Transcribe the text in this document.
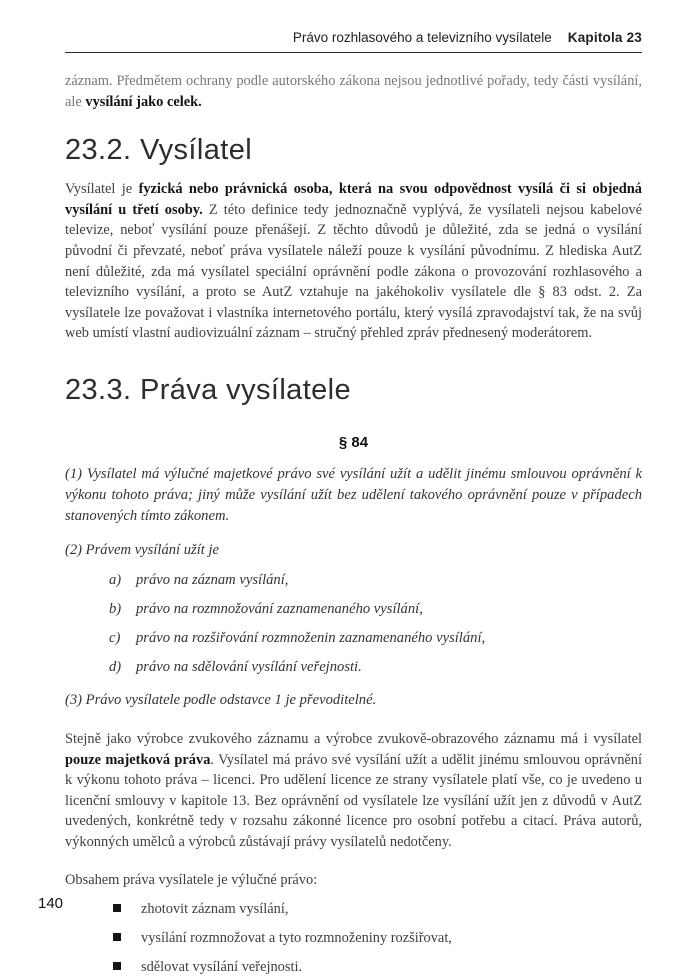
Právo rozhlasového a televizního vysílatele Kapitola 23

záznam. Předmětem ochrany podle autorského zákona nejsou jednotlivé pořady, tedy části vysílání, ale vysílání jako celek.

23.2. Vysílatel

Vysílatel je fyzická nebo právnická osoba, která na svou odpovědnost vysílá či si objedná vysílání u třetí osoby. Z této definice tedy jednoznačně vyplývá, že vysílateli nejsou kabelové televize, neboť vysílání pouze přenášejí. Z těchto důvodů je důležité, zda se jedná o vysílání původní či převzaté, neboť práva vysílatele náleží pouze k vysílání původnímu. Z hlediska AutZ není důležité, zda má vysílatel speciální oprávnění podle zákona o provozování rozhlasového a televizního vysílání, a proto se AutZ vztahuje na jakéhokoliv vysílatele dle § 83 odst. 2. Za vysílatele lze považovat i vlastníka internetového portálu, který vysílá zpravodajství tak, že na svůj web umístí vlastní audiovizuální záznam – stručný přehled zpráv přednesený moderátorem.

23.3. Práva vysílatele
§ 84

(1) Vysílatel má výlučné majetkové právo své vysílání užít a udělit jinému smlouvou oprávnění k výkonu tohoto práva; jiný může vysílání užít bez udělení takového oprávnění pouze v případech stanovených tímto zákonem.

(2) Právem vysílání užít je

a)	právo na záznam vysílání,
b)	právo na rozmnožování zaznamenaného vysílání,
c)	právo na rozšiřování rozmnoženin zaznamenaného vysílání,
d)	právo na sdělování vysílání veřejnosti.

(3) Právo vysílatele podle odstavce 1 je převoditelné.

Stejně jako výrobce zvukového záznamu a výrobce zvukově-obrazového záznamu má i vysílatel pouze majetková práva. Vysílatel má právo své vysílání užít a udělit jinému smlouvou oprávnění k výkonu tohoto práva – licenci. Pro udělení licence ze strany vysílatele platí vše, co je uvedeno u licenční smlouvy v kapitole 13. Bez oprávnění od vysílatele lze vysílání užít jen z důvodů v AutZ uvedených, konkrétně tedy v rozsahu zákonné licence pro osobní potřebu a citací. Práva autorů, výkonných umělců a výrobců zůstávají právy vysílatelů nedotčeny.

Obsahem práva vysílatele je výlučné právo:

zhotovit záznam vysílání,
vysílání rozmnožovat a tyto rozmnoženiny rozšiřovat,
sdělovat vysílání veřejnosti.
140
